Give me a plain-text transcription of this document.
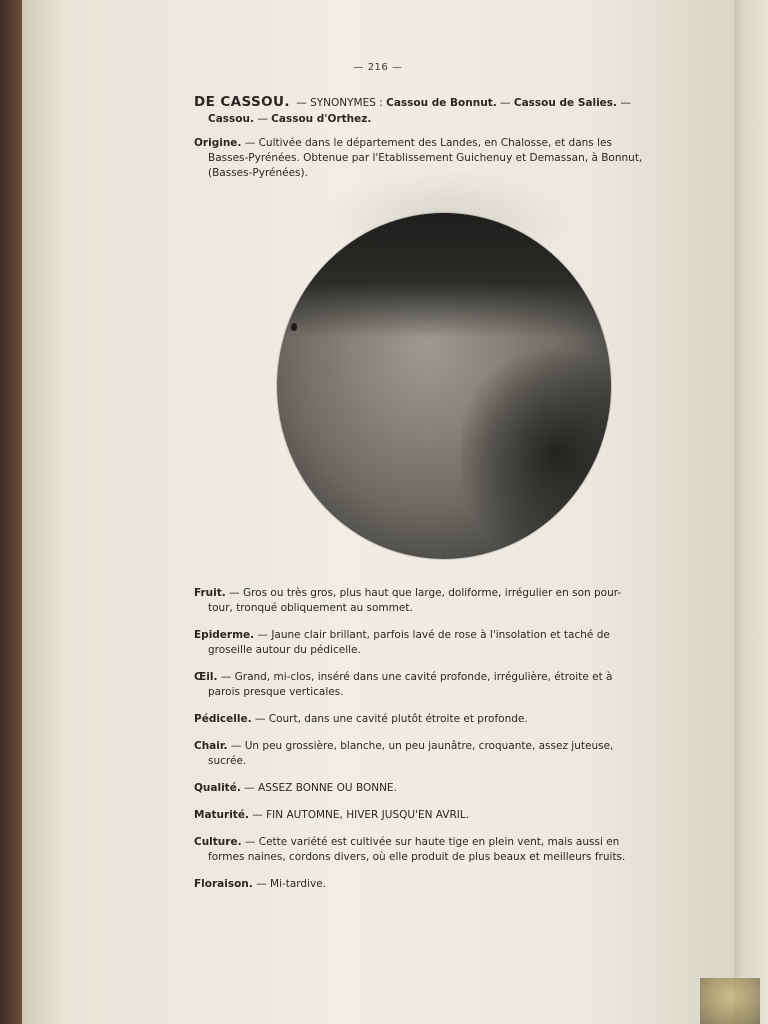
— 216 —
DE CASSOU. — SYNONYMES : Cassou de Bonnut. — Cassou de Salies. —
Cassou. — Cassou d'Orthez.
Origine. — Cultivée dans le département des Landes, en Chalosse, et dans les
Basses-Pyrénées. Obtenue par l'Etablissement Guichenuy et Demassan, à Bonnut,
(Basses-Pyrénées).
Fruit. — Gros ou très gros, plus haut que large, doliforme, irrégulier en son pour-
tour, tronqué obliquement au sommet.
Epiderme. — Jaune clair brillant, parfois lavé de rose à l'insolation et taché de
groseille autour du pédicelle.
Œil. — Grand, mi-clos, inséré dans une cavité profonde, irrégulière, étroite et à
parois presque verticales.
Pédicelle. — Court, dans une cavité plutôt étroite et profonde.
Chair. — Un peu grossière, blanche, un peu jaunâtre, croquante, assez juteuse,
sucrée.
Qualité. — ASSEZ BONNE OU BONNE.
Maturité. — FIN AUTOMNE, HIVER JUSQU'EN AVRIL.
Culture. — Cette variété est cultivée sur haute tige en plein vent, mais aussi en
formes naines, cordons divers, où elle produit de plus beaux et meilleurs fruits.
Floraison. — Mi-tardive.
